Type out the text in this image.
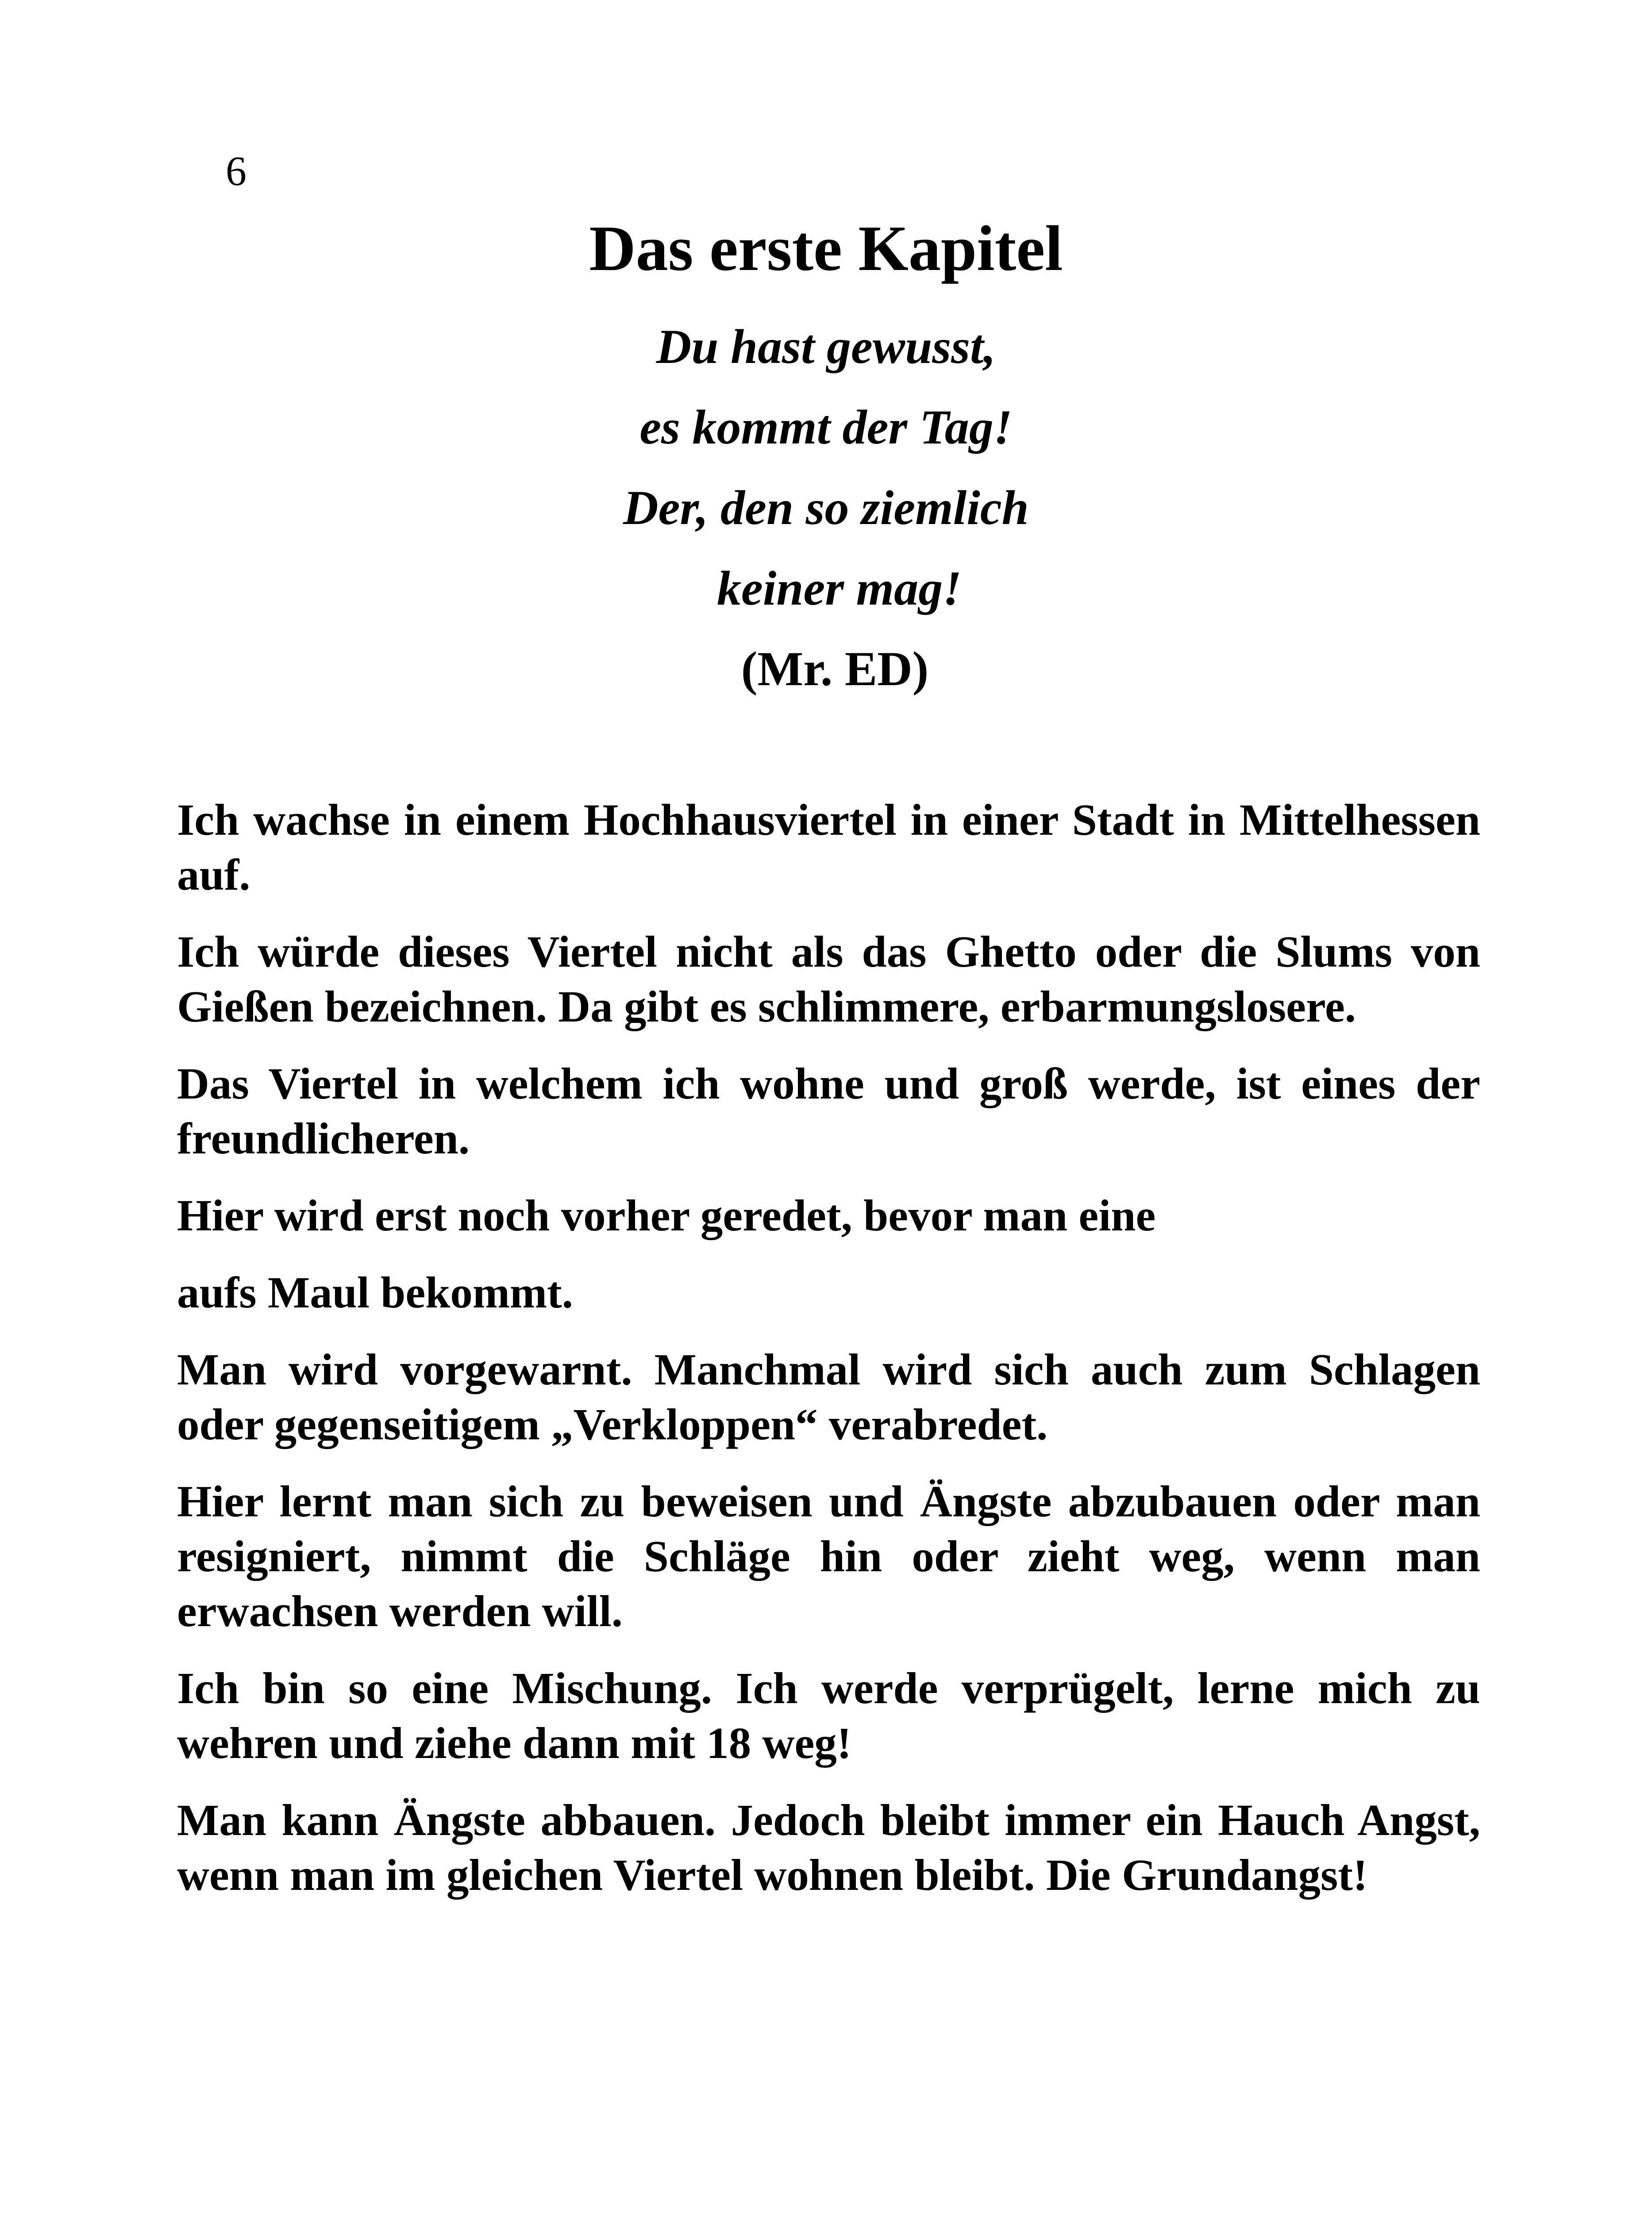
6
Das erste Kapitel
Du hast gewusst,
es kommt der Tag!
Der, den so ziemlich
keiner mag!
(Mr. ED)

Ich wachse in einem Hochhausviertel in einer Stadt in Mittelhessen auf.

Ich würde dieses Viertel nicht als das Ghetto oder die Slums von Gießen bezeichnen. Da gibt es schlimmere, erbarmungslosere.

Das Viertel in welchem ich wohne und groß werde, ist eines der freundlicheren.

Hier wird erst noch vorher geredet, bevor man eine

aufs Maul bekommt.

Man wird vorgewarnt. Manchmal wird sich auch zum Schlagen oder gegenseitigem „Verkloppen“ verabredet.

Hier lernt man sich zu beweisen und Ängste abzubauen oder man resigniert, nimmt die Schläge hin oder zieht weg, wenn man erwachsen werden will.

Ich bin so eine Mischung. Ich werde verprügelt, lerne mich zu wehren und ziehe dann mit 18 weg!

Man kann Ängste abbauen. Jedoch bleibt immer ein Hauch Angst, wenn man im gleichen Viertel wohnen bleibt. Die Grundangst!
